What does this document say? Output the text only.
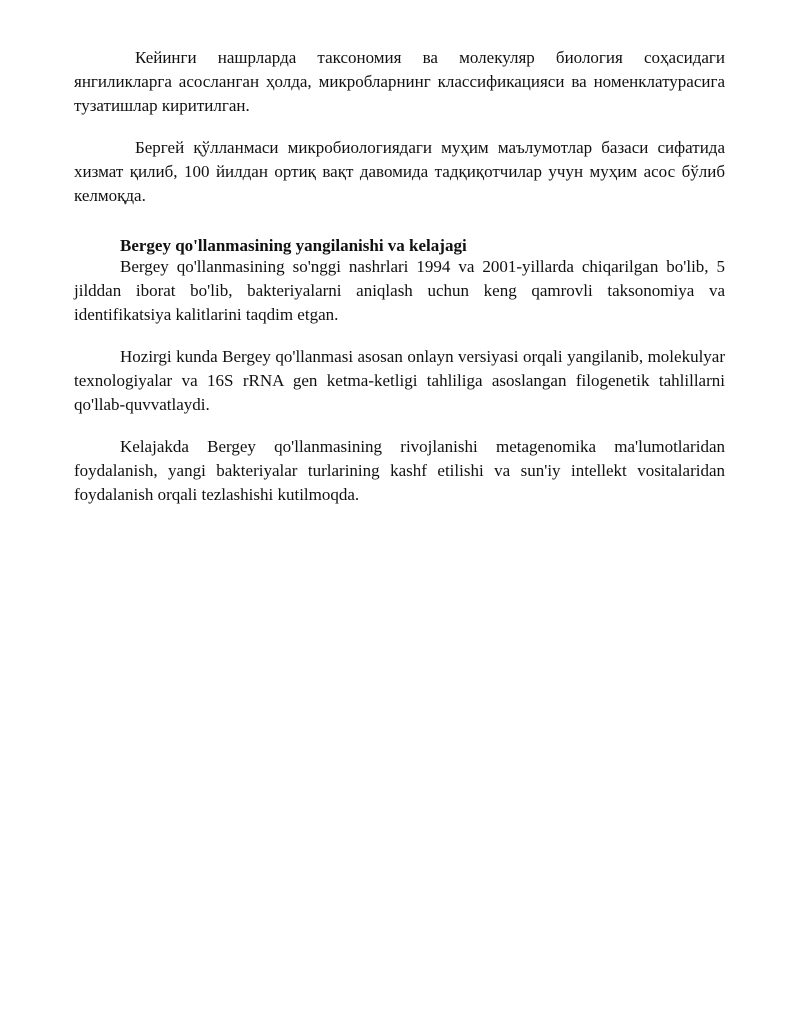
Кейинги нашрларда таксономия ва молекуляр биология соҳасидаги янгиликларга асосланган ҳолда, микробларнинг классификацияси ва номенклатурасига тузатишлар киритилган.

Бергей қўлланмаси микробиологиядаги муҳим маълумотлар базаси сифатида хизмат қилиб, 100 йилдан ортиқ вақт давомида тадқиқотчилар учун муҳим асос бўлиб келмоқда.

Bergey qo'llanmasining yangilanishi va kelajagi

Bergey qo'llanmasining so'nggi nashrlari 1994 va 2001-yillarda chiqarilgan bo'lib, 5 jilddan iborat bo'lib, bakteriyalarni aniqlash uchun keng qamrovli taksonomiya va identifikatsiya kalitlarini taqdim etgan.

Hozirgi kunda Bergey qo'llanmasi asosan onlayn versiyasi orqali yangilanib, molekulyar texnologiyalar va 16S rRNA gen ketma-ketligi tahliliga asoslangan filogenetik tahlillarni qo'llab-quvvatlaydi.

Kelajakda Bergey qo'llanmasining rivojlanishi metagenomika ma'lumotlaridan foydalanish, yangi bakteriyalar turlarining kashf etilishi va sun'iy intellekt vositalaridan foydalanish orqali tezlashishi kutilmoqda.
